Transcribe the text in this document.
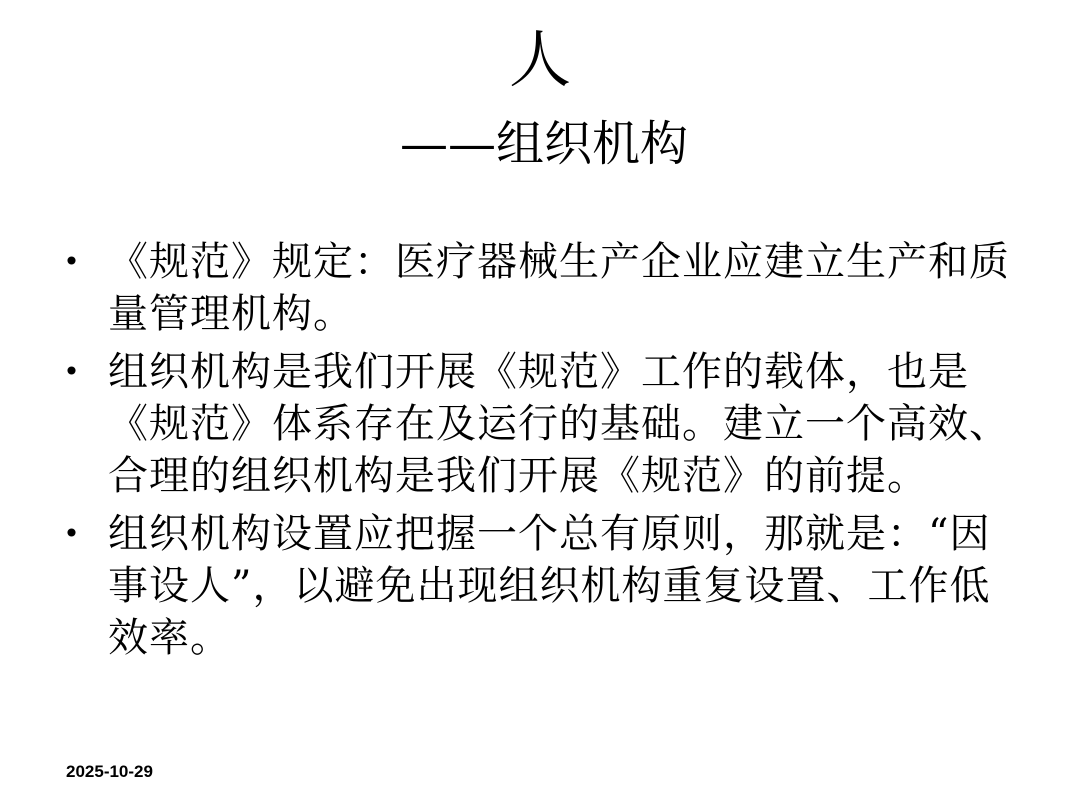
人
——组织机构
• 《规范》规定：医疗器械生产企业应建立生产和质量管理机构。
• 组织机构是我们开展《规范》工作的载体，也是《规范》体系存在及运行的基础。建立一个高效、合理的组织机构是我们开展《规范》的前提。
• 组织机构设置应把握一个总有原则，那就是：“因事设人”，以避免出现组织机构重复设置、工作低效率。
2025-10-29
